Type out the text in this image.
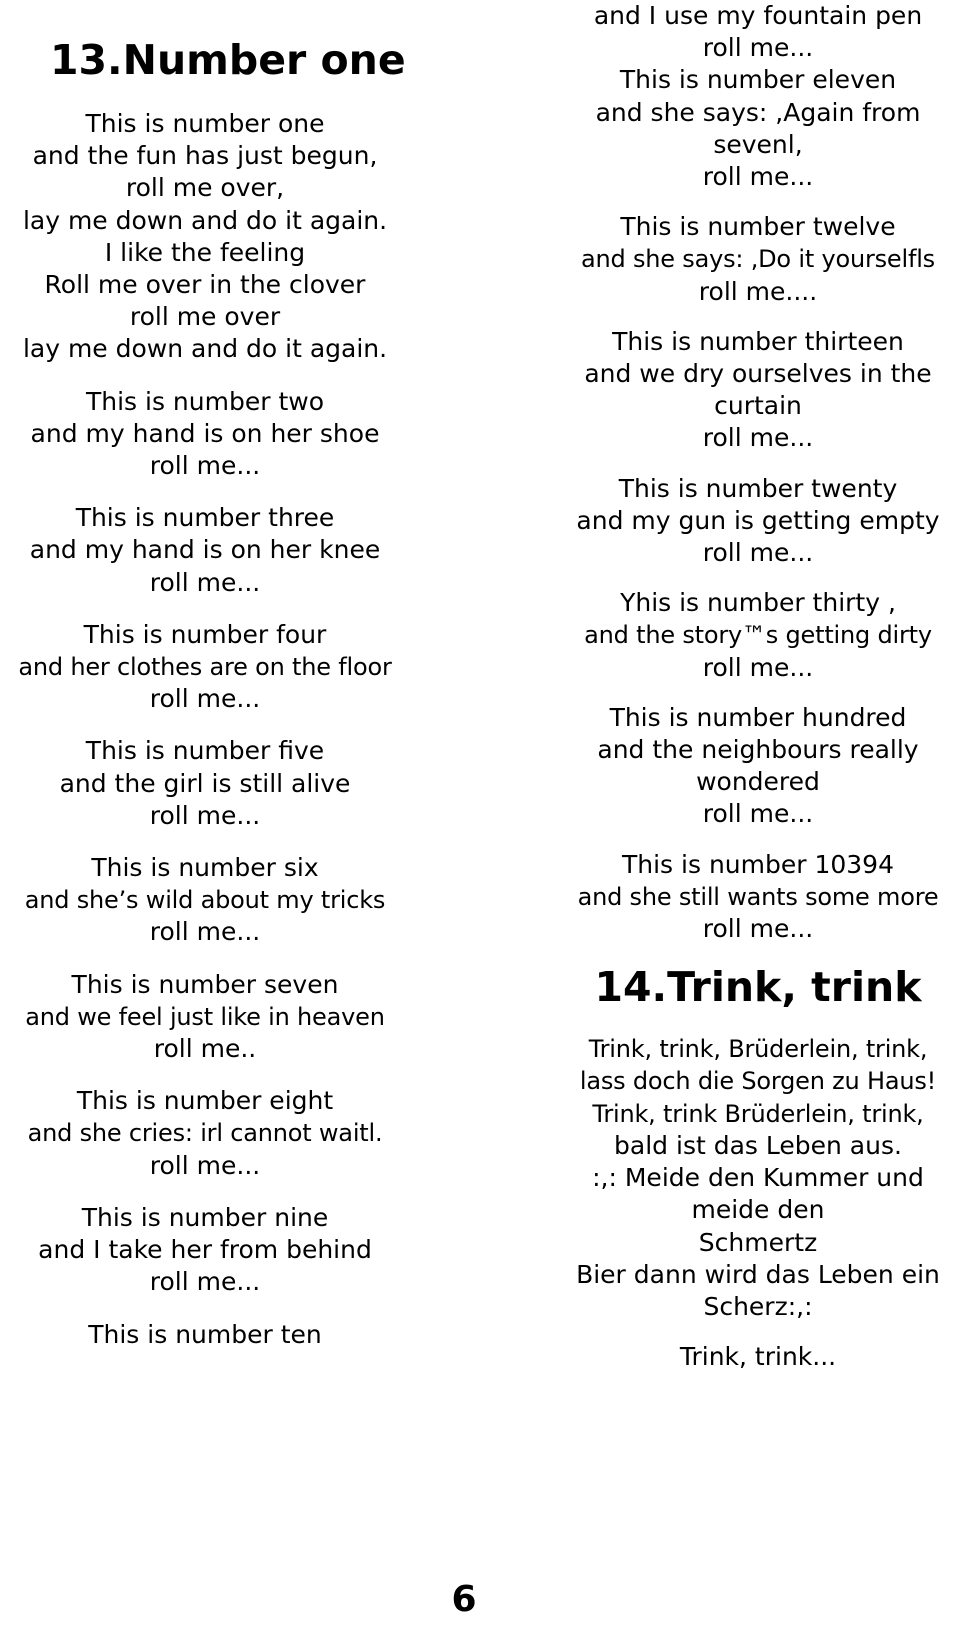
13.Number one
This is number one
and the fun has just begun,
roll me over,
lay me down and do it again.
I like the feeling
Roll me over in the clover
roll me over
lay me down and do it again.
This is number two
and my hand is on her shoe
roll me...
This is number three
and my hand is on her knee
roll me...
This is number four
and her clothes are on the floor
roll me...
This is number five
and the girl is still alive
roll me...
This is number six
and she’s wild about my tricks
roll me...
This is number seven
and we feel just like in heaven
roll me..
This is number eight
and she cries: irl cannot waitl.
roll me...
This is number nine
and I take her from behind
roll me...
This is number ten
and I use my fountain pen
roll me...
This is number eleven
and she says: ,Again from
sevenl,
roll me...
This is number twelve
and she says: ,Do it yourselfls
roll me....
This is number thirteen
and we dry ourselves in the
curtain
roll me...
This is number twenty
and my gun is getting empty
roll me...
Yhis is number thirty ,
and the story™s getting dirty
roll me...
This is number hundred
and the neighbours really
wondered
roll me...
This is number 10394
and she still wants some more
roll me...
14.Trink, trink
Trink, trink, Brüderlein, trink,
lass doch die Sorgen zu Haus!
Trink, trink Brüderlein, trink,
bald ist das Leben aus.
:,: Meide den Kummer und
meide den
Schmertz
Bier dann wird das Leben ein
Scherz:,:
Trink, trink...
6
